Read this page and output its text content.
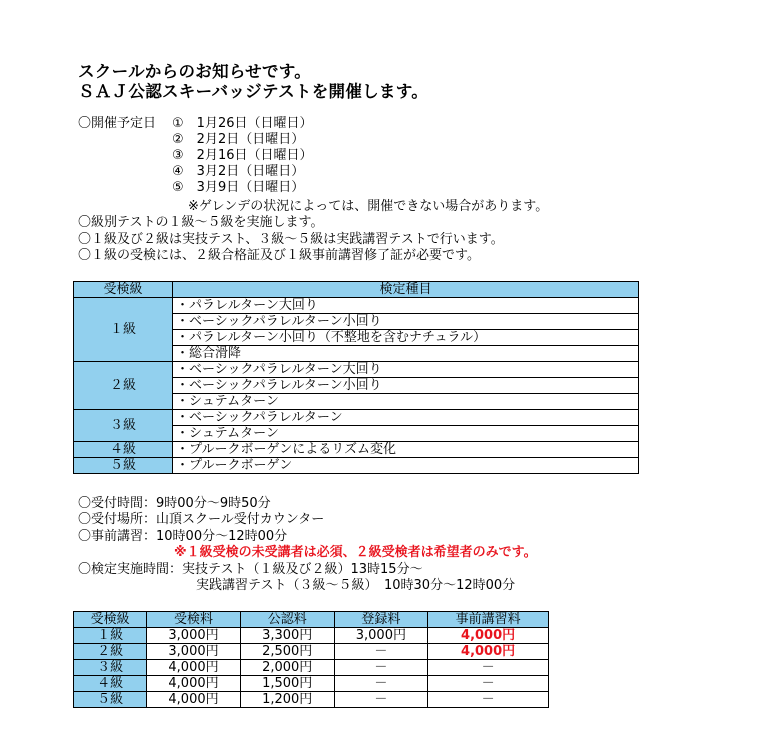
スクールからのお知らせです。
ＳＡＪ公認スキーバッジテストを開催します。
〇開催予定日 ①　 1月26日（日曜日）
②　 2月2日（日曜日）
③　 2月16日（日曜日）
④　 3月2日（日曜日）
⑤　 3月9日（日曜日）
※ゲレンデの状況によっては、開催できない場合があります。
〇級別テストの１級～５級を実施します。
〇１級及び２級は実技テスト、３級～５級は実践講習テストで行います。
〇１級の受検には、２級合格証及び１級事前講習修了証が必要です。
受検級	検定種目
１級	・パラレルターン大回り
	・ベーシックパラレルターン小回り
	・パラレルターン小回り（不整地を含むナチュラル）
	・総合滑降
２級	・ベーシックパラレルターン大回り
	・ベーシックパラレルターン小回り
	・シュテムターン
３級	・ベーシックパラレルターン
	・シュテムターン
４級	・プルークボーゲンによるリズム変化
５級	・プルークボーゲン
〇受付時間：9時00分～9時50分
〇受付場所：山頂スクール受付カウンター
〇事前講習：10時00分～12時00分
※１級受検の未受講者は必須、２級受検者は希望者のみです。
〇検定実施時間：実技テスト（１級及び２級）13時15分～
実践講習テスト（３級～５級）　10時30分～12時00分
受検級	受検料	公認料	登録料	事前講習料
１級	3,000円	3,300円	3,000円	4,000円
２級	3,000円	2,500円	－	4,000円
３級	4,000円	2,000円	－	－
４級	4,000円	1,500円	－	－
５級	4,000円	1,200円	－	－
